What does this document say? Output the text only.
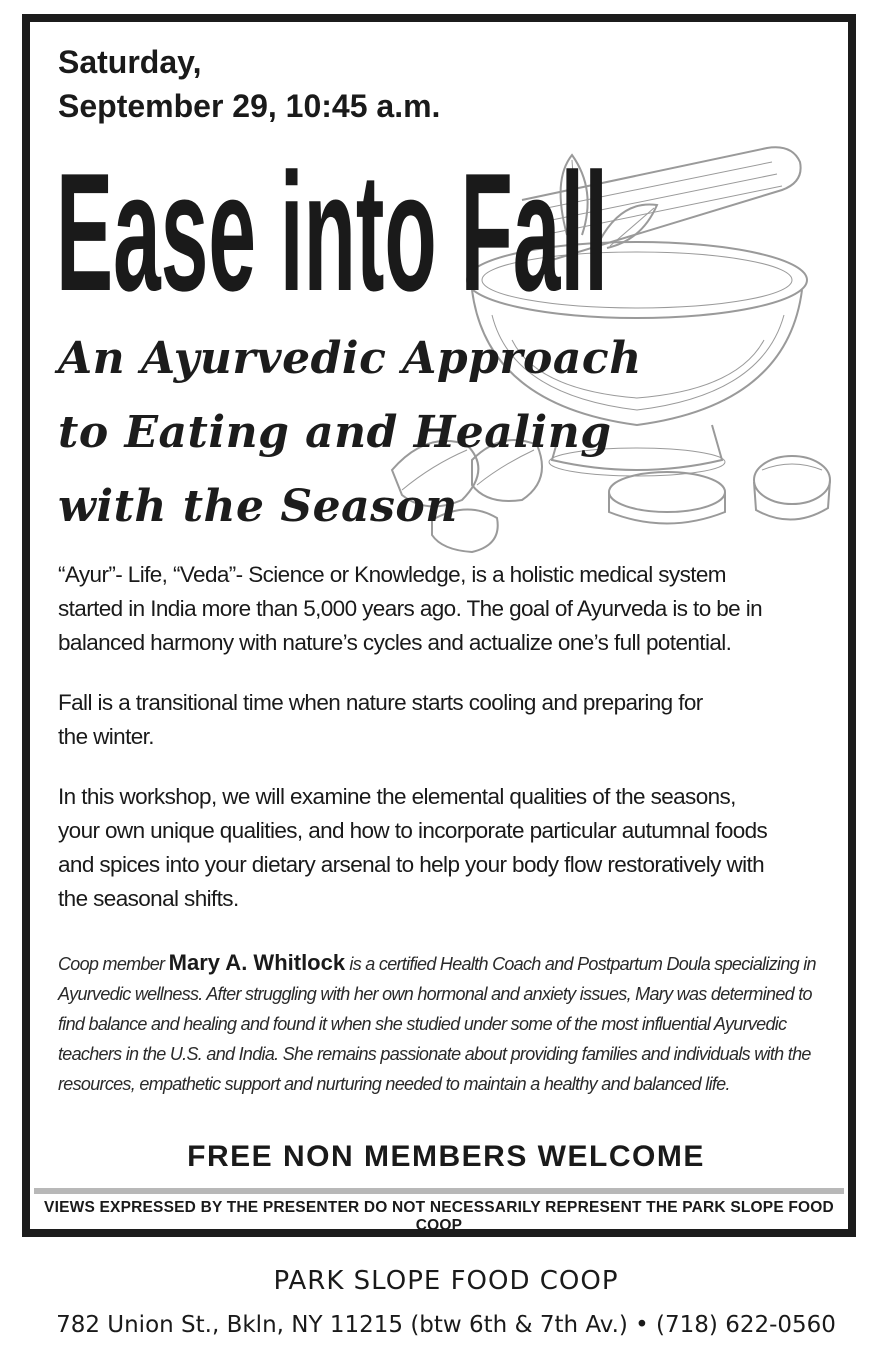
Saturday,
September 29, 10:45 a.m.
Ease into Fall
An Ayurvedic Approach
to Eating and Healing
with the Season

“Ayur”- Life, “Veda”- Science or Knowledge, is a holistic medical system
started in India more than 5,000 years ago. The goal of Ayurveda is to be in
balanced harmony with nature’s cycles and actualize one’s full potential.

Fall is a transitional time when nature starts cooling and preparing for
the winter.

In this workshop, we will examine the elemental qualities of the seasons,
your own unique qualities, and how to incorporate particular autumnal foods
and spices into your dietary arsenal to help your body flow restoratively with
the seasonal shifts.

Coop member Mary A. Whitlock is a certified Health Coach and Postpartum Doula specializing in Ayurvedic wellness. After struggling with her own hormonal and anxiety issues, Mary was determined to find balance and healing and found it when she studied under some of the most influential Ayurvedic teachers in the U.S. and India. She remains passionate about providing families and individuals with the resources, empathetic support and nurturing needed to maintain a healthy and balanced life.
FREE NON MEMBERS WELCOME
VIEWS EXPRESSED BY THE PRESENTER DO NOT NECESSARILY REPRESENT THE PARK SLOPE FOOD COOP
PARK SLOPE FOOD COOP
782 Union St., Bkln, NY 11215 (btw 6th & 7th Av.) • (718) 622-0560
